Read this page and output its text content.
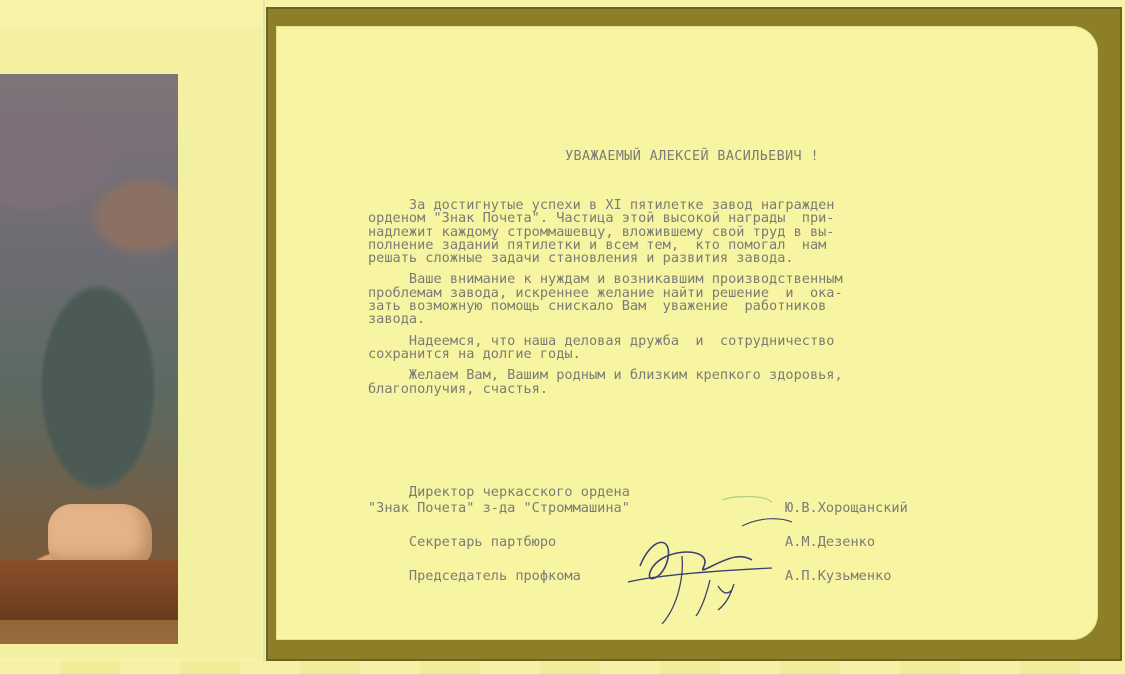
УВАЖАЕМЫЙ АЛЕКСЕЙ ВАСИЛЬЕВИЧ !
За достигнутые успехи в XI пятилетке завод награжден
орденом "Знак Почета". Частица этой высокой награды  при-
надлежит каждому строммашевцу, вложившему свой труд в вы-
полнение заданий пятилетки и всем тем,  кто помогал  нам
решать сложные задачи становления и развития завода.
Ваше внимание к нуждам и возникавшим производственным
проблемам завода, искреннее желание найти решение  и  ока-
зать возможную помощь снискало Вам  уважение  работников
завода.
Надеемся, что наша деловая дружба  и  сотрудничество
сохранится на долгие годы.
Желаем Вам, Вашим родным и близким крепкого здоровья,
благополучия, счастья.
Директор черкасского ордена
"Знак Почета" з-да "Строммашина"	Ю.В.Хорощанский
Секретарь партбюро	А.М.Дезенко
Председатель профкома	А.П.Кузьменко
